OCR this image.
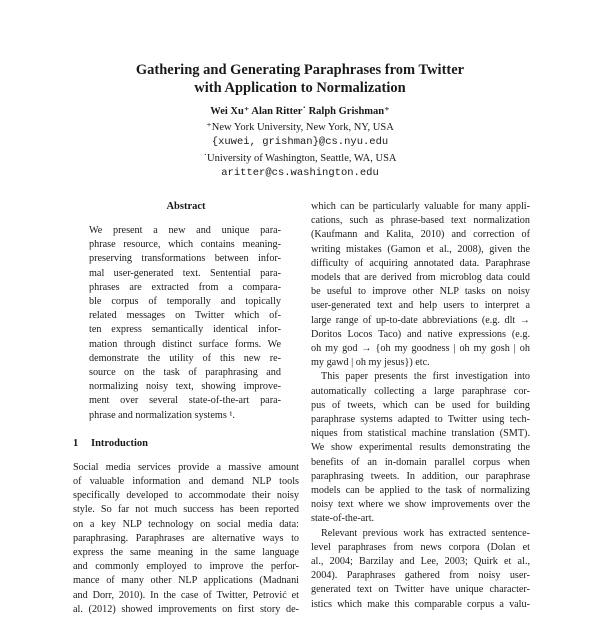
Gathering and Generating Paraphrases from Twitter
with Application to Normalization
Wei Xu⁺ Alan Ritter˙ Ralph Grishman⁺
⁺New York University, New York, NY, USA
{xuwei, grishman}@cs.nyu.edu
˙University of Washington, Seattle, WA, USA
aritter@cs.washington.edu
Abstract
We present a new and unique para-
phrase resource, which contains meaning-
preserving transformations between infor-
mal user-generated text. Sentential para-
phrases are extracted from a compara-
ble corpus of temporally and topically
related messages on Twitter which of-
ten express semantically identical infor-
mation through distinct surface forms. We
demonstrate the utility of this new re-
source on the task of paraphrasing and
normalizing noisy text, showing improve-
ment over several state-of-the-art para-
phrase and normalization systems ¹.
1 Introduction
Social media services provide a massive amount
of valuable information and demand NLP tools
specifically developed to accommodate their noisy
style. So far not much success has been reported
on a key NLP technology on social media data:
paraphrasing. Paraphrases are alternative ways to
express the same meaning in the same language
and commonly employed to improve the perfor-
mance of many other NLP applications (Madnani
and Dorr, 2010). In the case of Twitter, Petrović et
al. (2012) showed improvements on first story de-
which can be particularly valuable for many appli-
cations, such as phrase-based text normalization
(Kaufmann and Kalita, 2010) and correction of
writing mistakes (Gamon et al., 2008), given the
difficulty of acquiring annotated data. Paraphrase
models that are derived from microblog data could
be useful to improve other NLP tasks on noisy
user-generated text and help users to interpret a
large range of up-to-date abbreviations (e.g. dlt →
Doritos Locos Taco) and native expressions (e.g.
oh my god → {oh my goodness | oh my gosh | oh
my gawd | oh my jesus}) etc.
This paper presents the first investigation into
automatically collecting a large paraphrase cor-
pus of tweets, which can be used for building
paraphrase systems adapted to Twitter using tech-
niques from statistical machine translation (SMT).
We show experimental results demonstrating the
benefits of an in-domain parallel corpus when
paraphrasing tweets. In addition, our paraphrase
models can be applied to the task of normalizing
noisy text where we show improvements over the
state-of-the-art.
Relevant previous work has extracted sentence-
level paraphrases from news corpora (Dolan et
al., 2004; Barzilay and Lee, 2003; Quirk et al.,
2004). Paraphrases gathered from noisy user-
generated text on Twitter have unique character-
istics which make this comparable corpus a valu-
